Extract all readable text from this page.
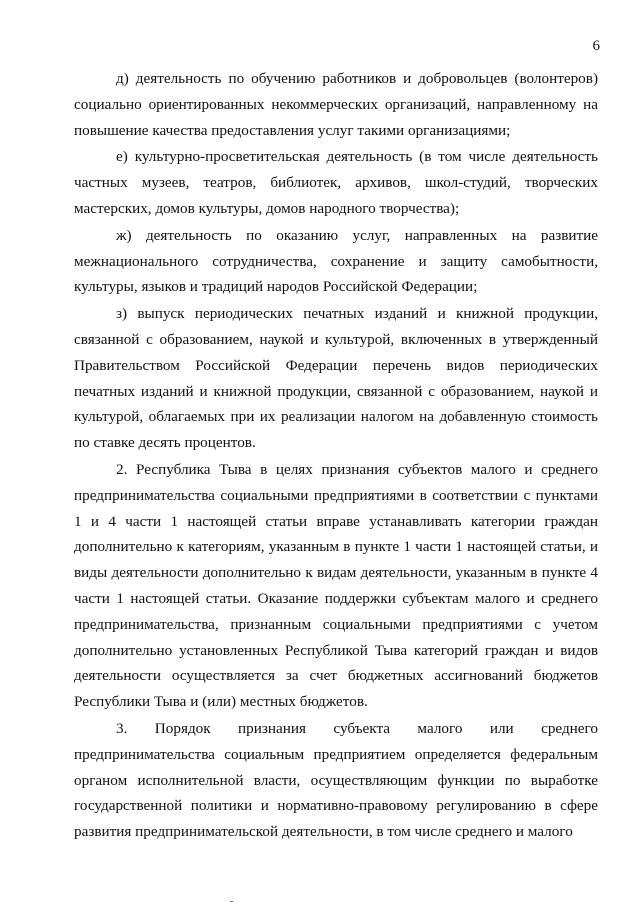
6

д) деятельность по обучению работников и добровольцев (волонтеров) социально ориентированных некоммерческих организаций, направленному на повышение качества предоставления услуг такими организациями;

е) культурно-просветительская деятельность (в том числе деятельность частных музеев, театров, библиотек, архивов, школ-студий, творческих мастерских, домов культуры, домов народного творчества);

ж) деятельность по оказанию услуг, направленных на развитие межнационального сотрудничества, сохранение и защиту самобытности, культуры, языков и традиций народов Российской Федерации;

з) выпуск периодических печатных изданий и книжной продукции, связанной с образованием, наукой и культурой, включенных в утвержденный Правительством Российской Федерации перечень видов периодических печатных изданий и книжной продукции, связанной с образованием, наукой и культурой, облагаемых при их реализации налогом на добавленную стоимость по ставке десять процентов.

2. Республика Тыва в целях признания субъектов малого и среднего предпринимательства социальными предприятиями в соответствии с пунктами 1 и 4 части 1 настоящей статьи вправе устанавливать категории граждан дополнительно к категориям, указанным в пункте 1 части 1 настоящей статьи, и виды деятельности дополнительно к видам деятельности, указанным в пункте 4 части 1 настоящей статьи. Оказание поддержки субъектам малого и среднего предпринимательства, признанным социальными предприятиями с учетом дополнительно установленных Республикой Тыва категорий граждан и видов деятельности осуществляется за счет бюджетных ассигнований бюджетов Республики Тыва и (или) местных бюджетов.

3. Порядок признания субъекта малого или среднего предпринимательства социальным предприятием определяется федеральным органом исполнительной власти, осуществляющим функции по выработке государственной политики и нормативно-правовому регулированию в сфере развития предпринимательской деятельности, в том числе среднего и малого

-
